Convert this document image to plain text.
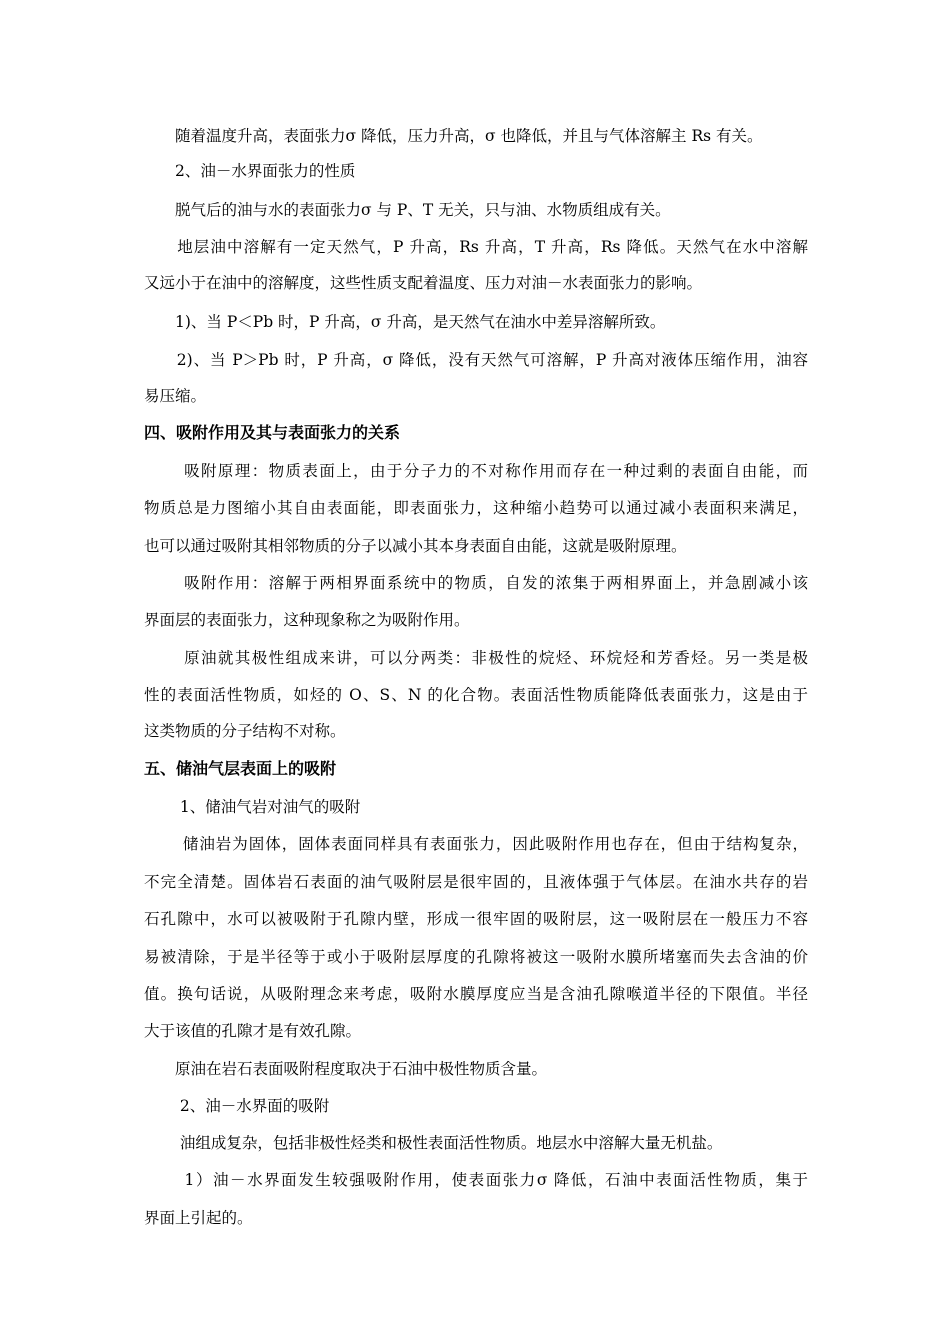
　　随着温度升高，表面张力σ 降低，压力升高，σ 也降低，并且与气体溶解主 Rs 有关。
　　2、油－水界面张力的性质
　　脱气后的油与水的表面张力σ 与 P、T 无关，只与油、水物质组成有关。
　　地层油中溶解有一定天然气，P 升高，Rs 升高，T 升高，Rs 降低。天然气在水中溶解
又远小于在油中的溶解度，这些性质支配着温度、压力对油－水表面张力的影响。
　　1)、当 P＜Pb 时，P 升高，σ 升高，是天然气在油水中差异溶解所致。
　　2)、当 P＞Pb 时，P 升高，σ 降低，没有天然气可溶解，P 升高对液体压缩作用，油容
易压缩。
四、吸附作用及其与表面张力的关系
　　 吸附原理：物质表面上，由于分子力的不对称作用而存在一种过剩的表面自由能，而
物质总是力图缩小其自由表面能，即表面张力，这种缩小趋势可以通过减小表面积来满足，
也可以通过吸附其相邻物质的分子以减小其本身表面自由能，这就是吸附原理。
　　 吸附作用：溶解于两相界面系统中的物质，自发的浓集于两相界面上，并急剧减小该
界面层的表面张力，这种现象称之为吸附作用。
　　 原油就其极性组成来讲，可以分两类：非极性的烷烃、环烷烃和芳香烃。另一类是极
性的表面活性物质，如烃的 O、S、N 的化合物。表面活性物质能降低表面张力，这是由于
这类物质的分子结构不对称。
五、储油气层表面上的吸附
　　 1、储油气岩对油气的吸附
　　 储油岩为固体，固体表面同样具有表面张力，因此吸附作用也存在，但由于结构复杂，
不完全清楚。固体岩石表面的油气吸附层是很牢固的，且液体强于气体层。在油水共存的岩
石孔隙中，水可以被吸附于孔隙内壁，形成一很牢固的吸附层，这一吸附层在一般压力不容
易被清除，于是半径等于或小于吸附层厚度的孔隙将被这一吸附水膜所堵塞而失去含油的价
值。换句话说，从吸附理念来考虑，吸附水膜厚度应当是含油孔隙喉道半径的下限值。半径
大于该值的孔隙才是有效孔隙。
　　原油在岩石表面吸附程度取决于石油中极性物质含量。
　　 2、油－水界面的吸附
　　 油组成复杂，包括非极性烃类和极性表面活性物质。地层水中溶解大量无机盐。
　　 1）油－水界面发生较强吸附作用，使表面张力σ 降低，石油中表面活性物质，集于
界面上引起的。
